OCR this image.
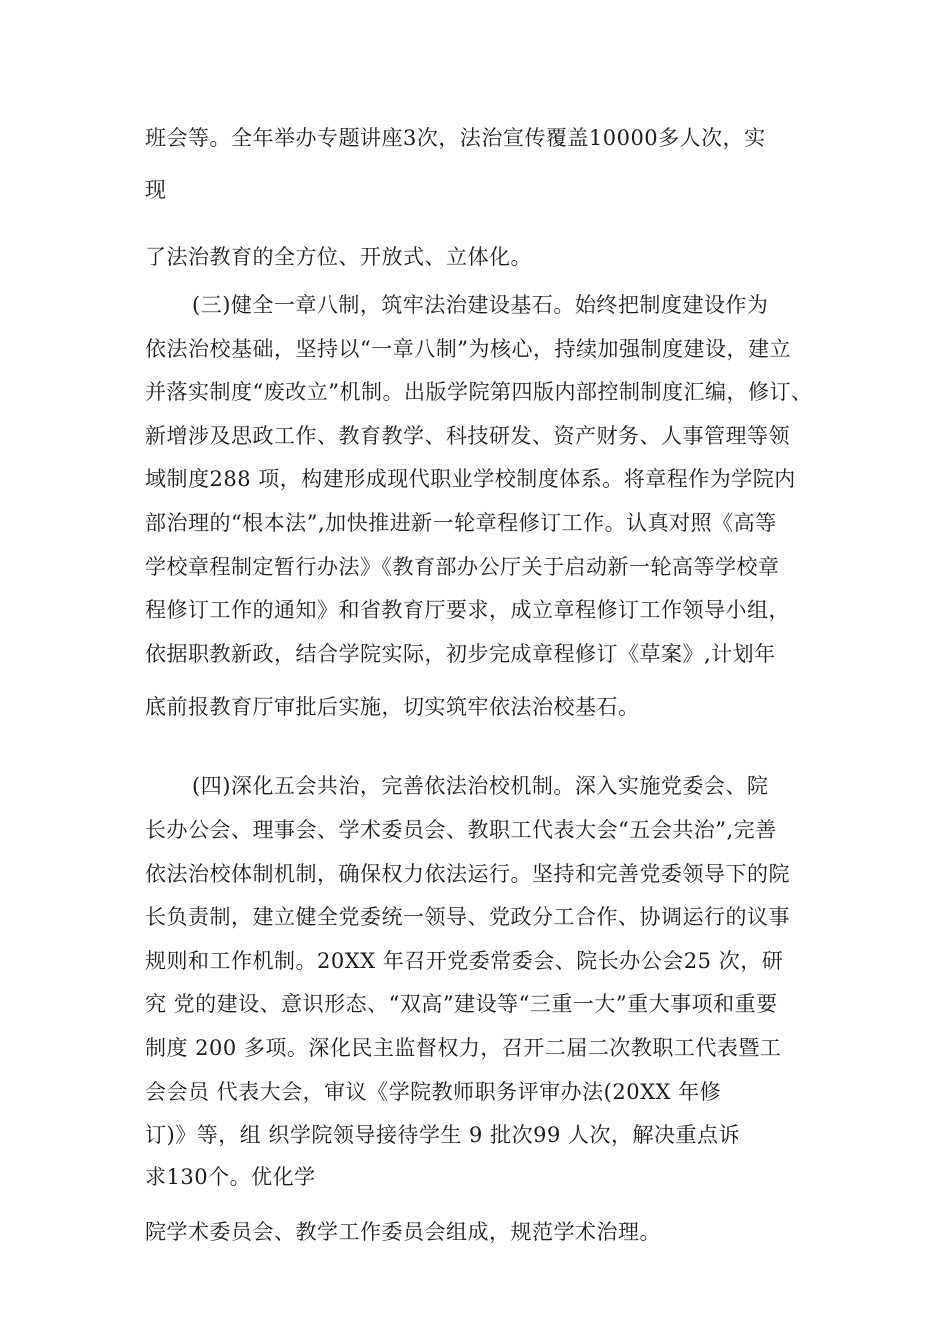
班会等。全年举办专题讲座3次，法治宣传覆盖10000多人次，实
现
了法治教育的全方位、开放式、立体化。
(三)健全一章八制，筑牢法治建设基石。始终把制度建设作为
依法治校基础，坚持以“一章八制”为核心，持续加强制度建设，建立
并落实制度“废改立”机制。出版学院第四版内部控制制度汇编，修订、
新增涉及思政工作、教育教学、科技研发、资产财务、人事管理等领
域制度288 项，构建形成现代职业学校制度体系。将章程作为学院内
部治理的“根本法”,加快推进新一轮章程修订工作。认真对照《高等
学校章程制定暂行办法》《教育部办公厅关于启动新一轮高等学校章
程修订工作的通知》和省教育厅要求，成立章程修订工作领导小组，
依据职教新政，结合学院实际，初步完成章程修订《草案》,计划年
底前报教育厅审批后实施，切实筑牢依法治校基石。
(四)深化五会共治，完善依法治校机制。深入实施党委会、院
长办公会、理事会、学术委员会、教职工代表大会“五会共治”,完善
依法治校体制机制，确保权力依法运行。坚持和完善党委领导下的院
长负责制，建立健全党委统一领导、党政分工合作、协调运行的议事
规则和工作机制。20XX 年召开党委常委会、院长办公会25 次，研
究 党的建设、意识形态、“双高”建设等“三重一大”重大事项和重要
制度 200 多项。深化民主监督权力，召开二届二次教职工代表暨工
会会员 代表大会，审议《学院教师职务评审办法(20XX 年修
订)》等，组 织学院领导接待学生 9 批次99 人次，解决重点诉
求130个。优化学
院学术委员会、教学工作委员会组成，规范学术治理。
